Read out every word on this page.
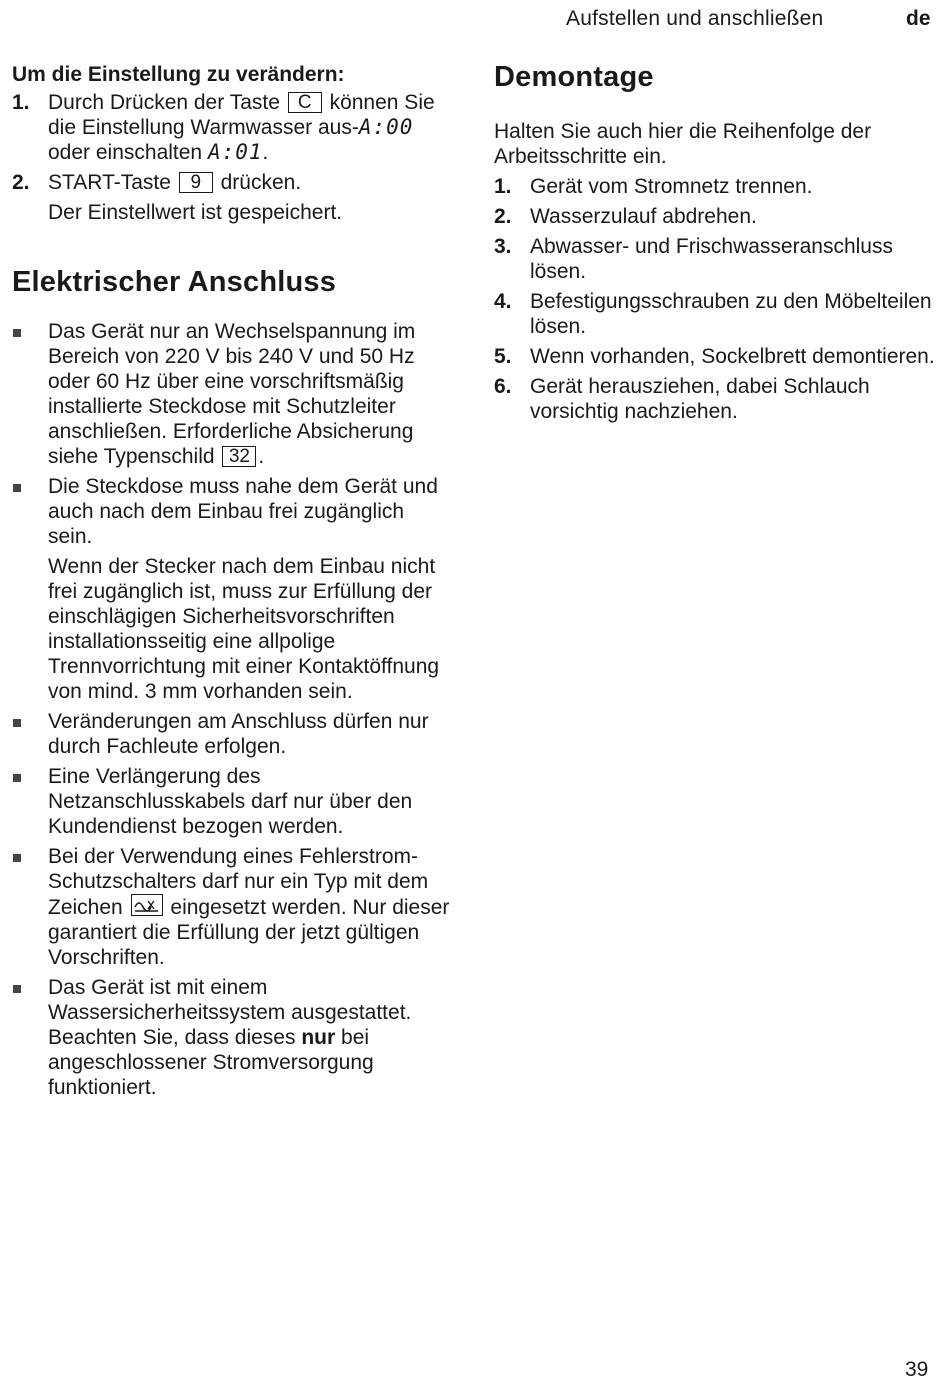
Aufstellen und anschließen	de

Um die Einstellung zu verändern:

1. Durch Drücken der Taste C können Sie die Einstellung Warmwasser aus-A:00 oder einschalten A:01.
2. START-Taste 9 drücken.
Der Einstellwert ist gespeichert.
Elektrischer Anschluss
Das Gerät nur an Wechselspannung im Bereich von 220 V bis 240 V und 50 Hz oder 60 Hz über eine vorschriftsmäßig installierte Steckdose mit Schutzleiter anschließen. Erforderliche Absicherung siehe Typenschild 32 .
Die Steckdose muss nahe dem Gerät und auch nach dem Einbau frei zugänglich sein.
Wenn der Stecker nach dem Einbau nicht frei zugänglich ist, muss zur Erfüllung der einschlägigen Sicherheitsvorschriften installationsseitig eine allpolige Trennvorrichtung mit einer Kontaktöffnung von mind. 3 mm vorhanden sein.
Veränderungen am Anschluss dürfen nur durch Fachleute erfolgen.
Eine Verlängerung des Netzanschlusskabels darf nur über den Kundendienst bezogen werden.
Bei der Verwendung eines Fehlerstrom-Schutzschalters darf nur ein Typ mit dem Zeichen eingesetzt werden. Nur dieser garantiert die Erfüllung der jetzt gültigen Vorschriften.
Das Gerät ist mit einem Wassersicherheitssystem ausgestattet. Beachten Sie, dass dieses nur bei angeschlossener Stromversorgung funktioniert.
Demontage
Halten Sie auch hier die Reihenfolge der Arbeitsschritte ein.
1. Gerät vom Stromnetz trennen.
2. Wasserzulauf abdrehen.
3. Abwasser- und Frischwasseranschluss lösen.
4. Befestigungsschrauben zu den Möbelteilen lösen.
5. Wenn vorhanden, Sockelbrett demontieren.
6. Gerät herausziehen, dabei Schlauch vorsichtig nachziehen.
39
